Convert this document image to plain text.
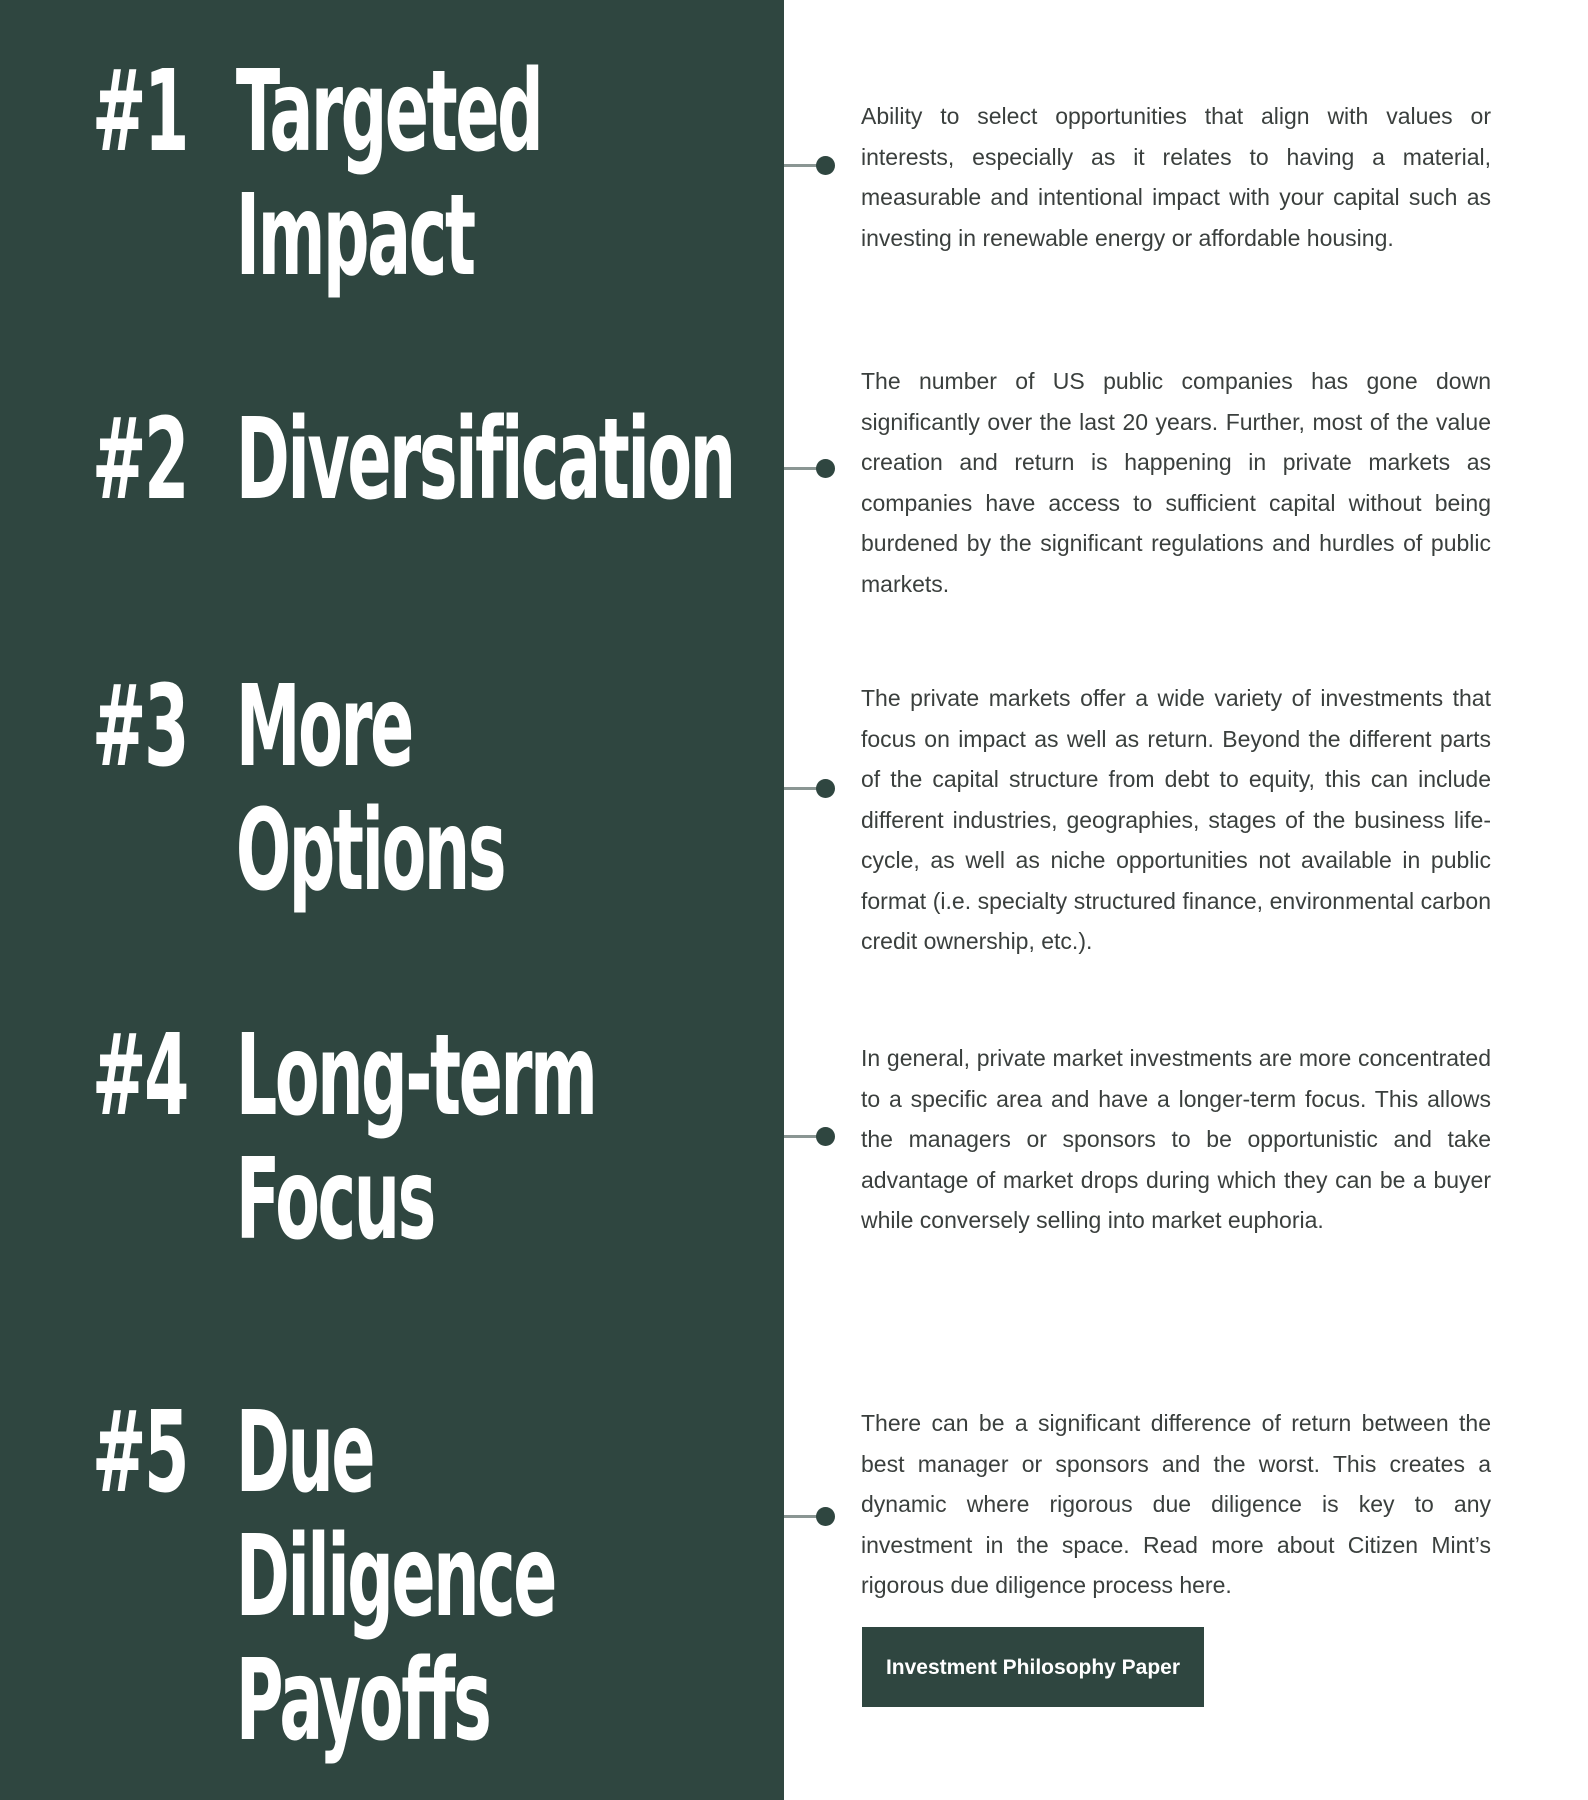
#1 Targeted
Impact

Ability to select opportunities that align with values or interests, especially as it relates to having a material, measurable and intentional impact with your capital such as investing in renewable energy or affordable housing.

#2 Diversification

The number of US public companies has gone down significantly over the last 20 years. Further, most of the value creation and return is happening in private markets as companies have access to sufficient capital without being burdened by the significant regulations and hurdles of public markets.

#3 More
Options

The private markets offer a wide variety of investments that focus on impact as well as return. Beyond the different parts of the capital structure from debt to equity, this can include different industries, geographies, stages of the business life-cycle, as well as niche opportunities not available in public format (i.e. specialty structured finance, environmental carbon credit ownership, etc.).

#4 Long-term
Focus

In general, private market investments are more concentrated to a specific area and have a longer-term focus. This allows the managers or sponsors to be opportunistic and take advantage of market drops during which they can be a buyer while conversely selling into market euphoria.

#5 Due
Diligence
Payoffs

There can be a significant difference of return between the best manager or sponsors and the worst. This creates a dynamic where rigorous due diligence is key to any investment in the space. Read more about Citizen Mint’s rigorous due diligence process here.

Investment Philosophy Paper
